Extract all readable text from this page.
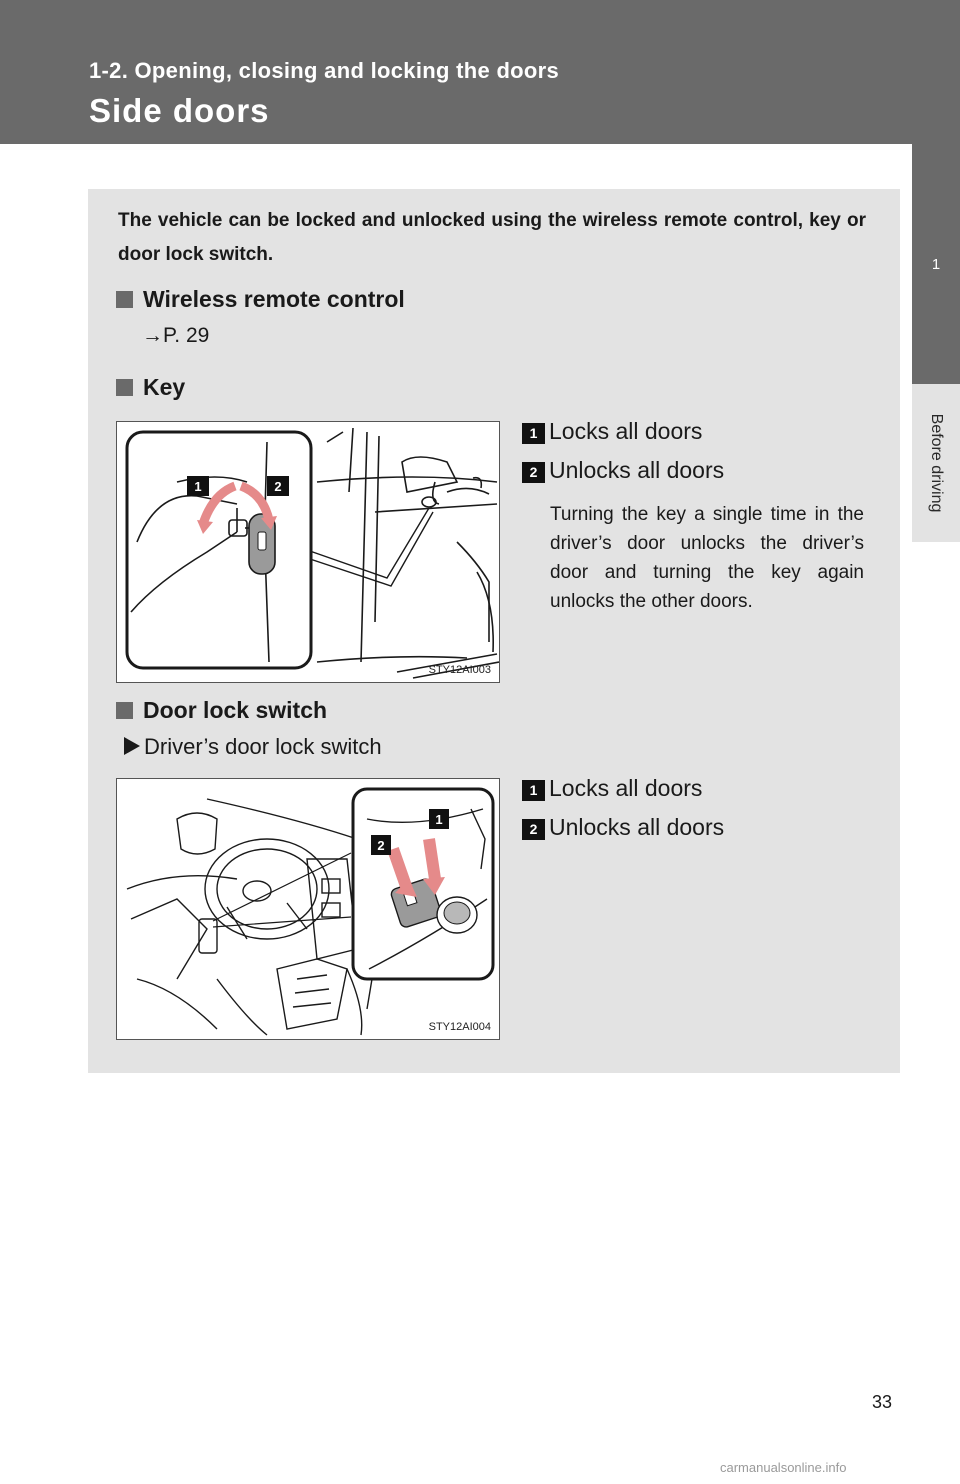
1-2. Opening, closing and locking the doors
Side doors
1
Before driving
The vehicle can be locked and unlocked using the wireless remote control, key or door lock switch.
Wireless remote control
→P. 29
Key
1	2
STY12AI003
1 Locks all doors
2 Unlocks all doors
Turning the key a single time in the driver’s door unlocks the driver’s door and turning the key again unlocks the other doors.
Door lock switch
Driver’s door lock switch
2
1
STY12AI004
1 Locks all doors
2 Unlocks all doors
33
carmanualsonline.info
